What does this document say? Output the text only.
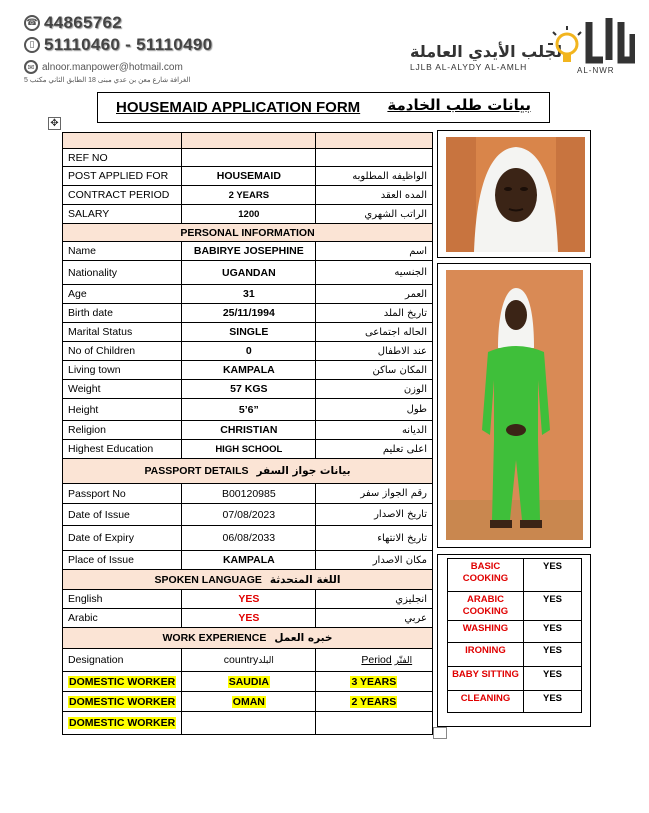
☎ 44865762
▯ 51110460 - 51110490
✉ alnoor.manpower@hotmail.com
الغرافة شارع معن بن عدي مبنى 18 الطابق الثاني مكتب 5
لجلب الأيدي العاملة
LJLB AL-ALYDY AL-AMLH	AL-NWR
HOUSEMAID APPLICATION FORM بيانات طلب الخادمة
✥

REF NO		
POST APPLIED FOR	HOUSEMAID	الواظيفه المطلوبه
CONTRACT PERIOD	2 YEARS	المده العقد
SALARY	1200	الراتب الشهري
PERSONAL INFORMATION		
Name	BABIRYE JOSEPHINE	اسم
Nationality	UGANDAN	الجنسيه
Age	31	العمر
Birth date	25/11/1994	تاريخ الملد
Marital Status	SINGLE	الحاله اجتماعى
No of Children	0	عند الاطفال
Living town	KAMPALA	المكان ساكن
Weight	57 KGS	الوزن
Height	5’6”	طول
Religion	CHRISTIAN	الديانه
Highest Education	HIGH SCHOOL	اعلى تعليم
PASSPORT DETAILS بيانات جواز السفر		
Passport No	B00120985	رقم الجواز سفر
Date of Issue	07/08/2023	تاريخ الاصدار
Date of Expiry	06/08/2033	تاريخ الانتهاء
Place of Issue	KAMPALA	مكان الاصدار
SPOKEN LANGUAGE اللغة المتحدثة		
English	YES	انجليزي
Arabic	YES	عربي
WORK EXPERIENCE خبره العمل		
Designation	countryالبلد	Period الفتّر
DOMESTIC WORKER	SAUDIA	3 YEARS
DOMESTIC WORKER	OMAN	2 YEARS
DOMESTIC WORKER		
BASIC COOKING	YES
ARABIC COOKING	YES
WASHING	YES
IRONING	YES
BABY SITTING	YES
CLEANING	YES
